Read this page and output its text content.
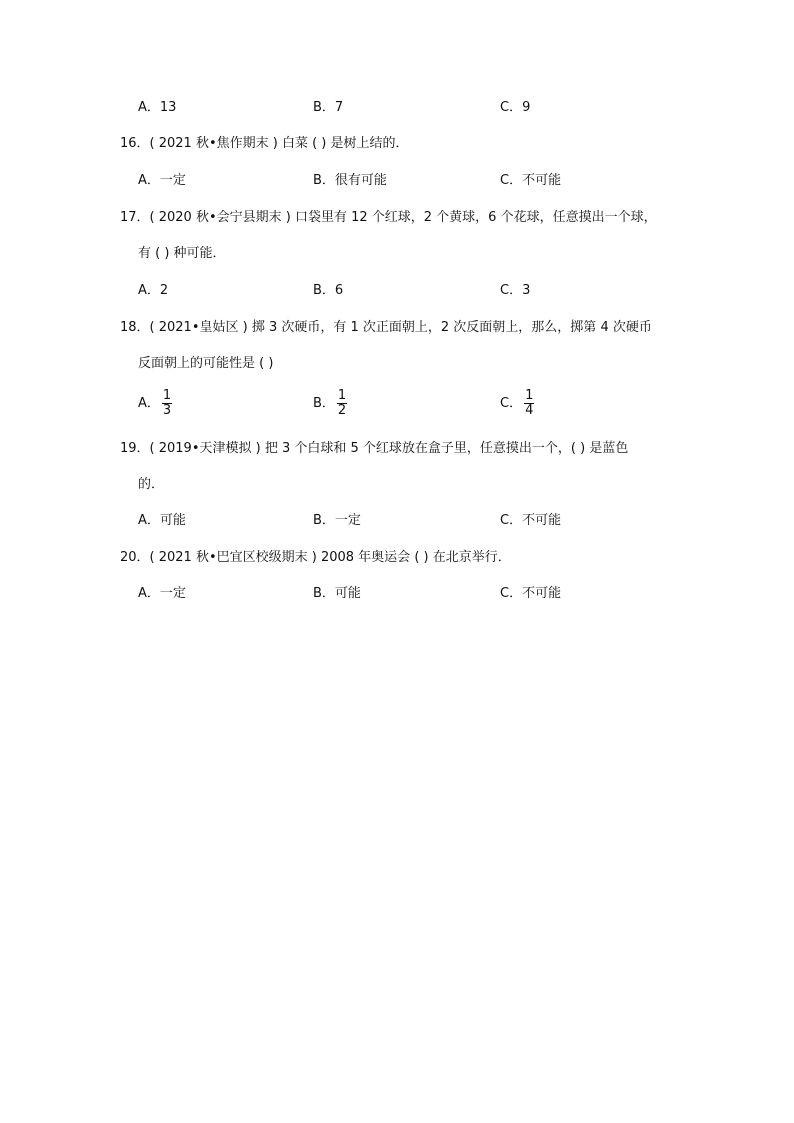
A．13	B．7	C．9
16．( 2021 秋•焦作期末 ) 白菜 ( ) 是树上结的．
A．一定	B．很有可能	C．不可能
17．( 2020 秋•会宁县期末 ) 口袋里有 12 个红球，2 个黄球，6 个花球，任意摸出一个球，
有 ( ) 种可能．
A．2	B．6	C．3
18．( 2021•皇姑区 ) 掷 3 次硬币，有 1 次正面朝上，2 次反面朝上，那么，掷第 4 次硬币
反面朝上的可能性是 ( )
A． $\frac{1}{3}$	B． $\frac{1}{2}$	C． $\frac{1}{4}$
19．( 2019•天津模拟 ) 把 3 个白球和 5 个红球放在盒子里，任意摸出一个，( ) 是蓝色
的．
A．可能	B．一定	C．不可能
20．( 2021 秋•巴宜区校级期末 ) 2008 年奥运会 ( ) 在北京举行．
A．一定	B．可能	C．不可能
